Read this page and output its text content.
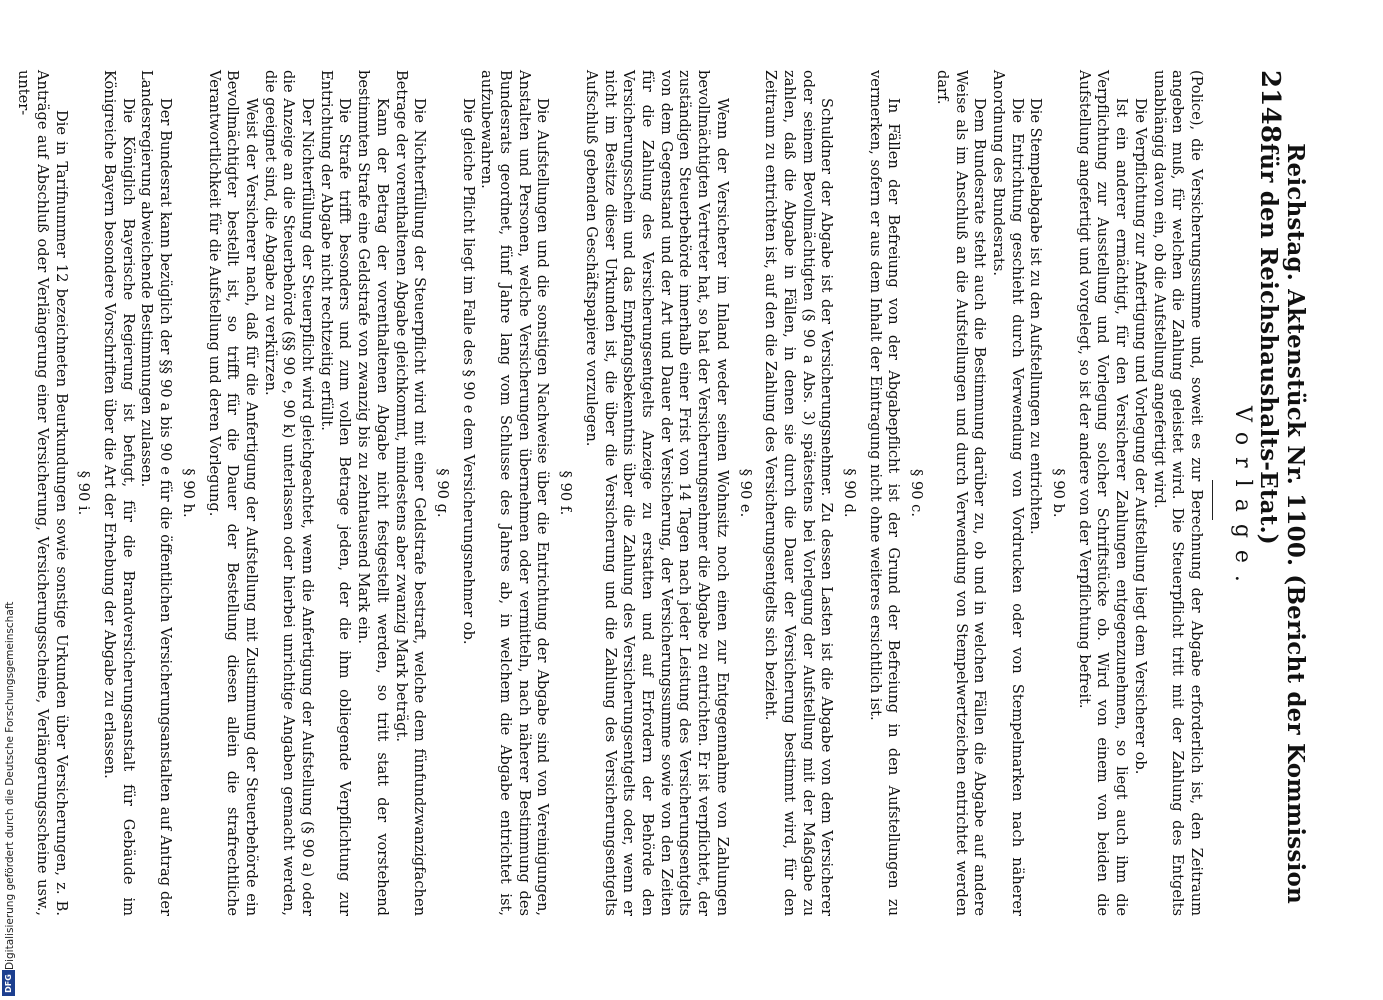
2148
Reichstag. Aktenstück Nr. 1100. (Bericht der Kommission für den Reichshaushalts-Etat.)
Vorlage.

(Police), die Versicherungssumme und, soweit es zur Berechnung der Abgabe erforderlich ist, den Zeitraum angeben muß, für welchen die Zahlung geleistet wird. Die Steuerpflicht tritt mit der Zahlung des Entgelts unabhängig davon ein, ob die Aufstellung angefertigt wird.

Die Verpflichtung zur Anfertigung und Vorlegung der Aufstellung liegt dem Versicherer ob.

Ist ein anderer ermächtigt, für den Versicherer Zahlungen entgegenzunehmen, so liegt auch ihm die Verpflichtung zur Ausstellung und Vorlegung solcher Schriftstücke ob. Wird von einem von beiden die Aufstellung angefertigt und vorgelegt, so ist der andere von der Verpflichtung befreit.

§ 90 b.

Die Stempelabgabe ist zu den Aufstellungen zu entrichten.

Die Entrichtung geschieht durch Verwendung von Vordrucken oder von Stempelmarken nach näherer Anordnung des Bundesrats.

Dem Bundesrate steht auch die Bestimmung darüber zu, ob und in welchen Fällen die Abgabe auf andere Weise als im Anschluß an die Aufstellungen und durch Verwendung von Stempelwertzeichen entrichtet werden darf.

§ 90 c.

In Fällen der Befreiung von der Abgabepflicht ist der Grund der Befreiung in den Aufstellungen zu vermerken, sofern er aus dem Inhalt der Eintragung nicht ohne weiteres ersichtlich ist.

§ 90 d.

Schuldner der Abgabe ist der Versicherungsnehmer. Zu dessen Lasten ist die Abgabe von dem Versicherer oder seinem Bevollmächtigten (§ 90 a Abs. 3) spätestens bei Vorlegung der Aufstellung mit der Maßgabe zu zahlen, daß die Abgabe in Fällen, in denen sie durch die Dauer der Versicherung bestimmt wird, für den Zeitraum zu entrichten ist, auf den die Zahlung des Versicherungsentgelts sich bezieht.

§ 90 e.

Wenn der Versicherer im Inland weder seinen Wohnsitz noch einen zur Entgegennahme von Zahlungen bevollmächtigten Vertreter hat, so hat der Versicherungsnehmer die Abgabe zu entrichten. Er ist verpflichtet, der zuständigen Steuerbehörde innerhalb einer Frist von 14 Tagen nach jeder Leistung des Versicherungsentgelts von dem Gegenstand und der Art und Dauer der Versicherung, der Versicherungssumme sowie von den Zeiten für die Zahlung des Versicherungsentgelts Anzeige zu erstatten und auf Erfordern der Behörde den Versicherungsschein und das Empfangsbekenntnis über die Zahlung des Versicherungsentgelts oder, wenn er nicht im Besitze dieser Urkunden ist, die über die Versicherung und die Zahlung des Versicherungsentgelts Aufschluß gebenden Geschäftspapiere vorzulegen.

§ 90 f.

Die Aufstellungen und die sonstigen Nachweise über die Entrichtung der Abgabe sind von Vereinigungen, Anstalten und Personen, welche Versicherungen übernehmen oder vermitteln, nach näherer Bestimmung des Bundesrats geordnet, fünf Jahre lang vom Schlusse des Jahres ab, in welchem die Abgabe entrichtet ist, aufzubewahren.

Die gleiche Pflicht liegt im Falle des § 90 e dem Versicherungsnehmer ob.

§ 90 g.

Die Nichterfüllung der Steuerpflicht wird mit einer Geldstrafe bestraft, welche dem fünfundzwanzigfachen Betrage der vorenthaltenen Abgabe gleichkommt, mindestens aber zwanzig Mark beträgt.

Kann der Betrag der vorenthaltenen Abgabe nicht festgestellt werden, so tritt statt der vorstehend bestimmten Strafe eine Geldstrafe von zwanzig bis zu zehntausend Mark ein.

Die Strafe trifft besonders und zum vollen Betrage jeden, der die ihm obliegende Verpflichtung zur Entrichtung der Abgabe nicht rechtzeitig erfüllt.

Der Nichterfüllung der Steuerpflicht wird gleichgeachtet, wenn die Anfertigung der Aufstellung (§ 90 a) oder die Anzeige an die Steuerbehörde (§§ 90 e, 90 k) unterlassen oder hierbei unrichtige Angaben gemacht werden, die geeignet sind, die Abgabe zu verkürzen.

Weist der Versicherer nach, daß für die Anfertigung der Aufstellung mit Zustimmung der Steuerbehörde ein Bevollmächtigter bestellt ist, so trifft für die Dauer der Bestellung diesen allein die strafrechtliche Verantwortlichkeit für die Aufstellung und deren Vorlegung.

§ 90 h.

Der Bundesrat kann bezüglich der §§ 90 a bis 90 e für die öffentlichen Versicherungsanstalten auf Antrag der Landesregierung abweichende Bestimmungen zulassen.

Die Königlich Bayerische Regierung ist befugt, für die Brandversicherungsanstalt für Gebäude im Königreiche Bayern besondere Vorschriften über die Art der Erhebung der Abgabe zu erlassen.

§ 90 i.

Die in Tarifnummer 12 bezeichneten Beurkundungen sowie sonstige Urkunden über Versicherungen, z. B. Anträge auf Abschluß oder Verlängerung einer Versicherung, Versicherungsscheine, Verlängerungsscheine usw., unter-

Digitalisierung gefördert durch die Deutsche Forschungsgemeinschaft
DFG
